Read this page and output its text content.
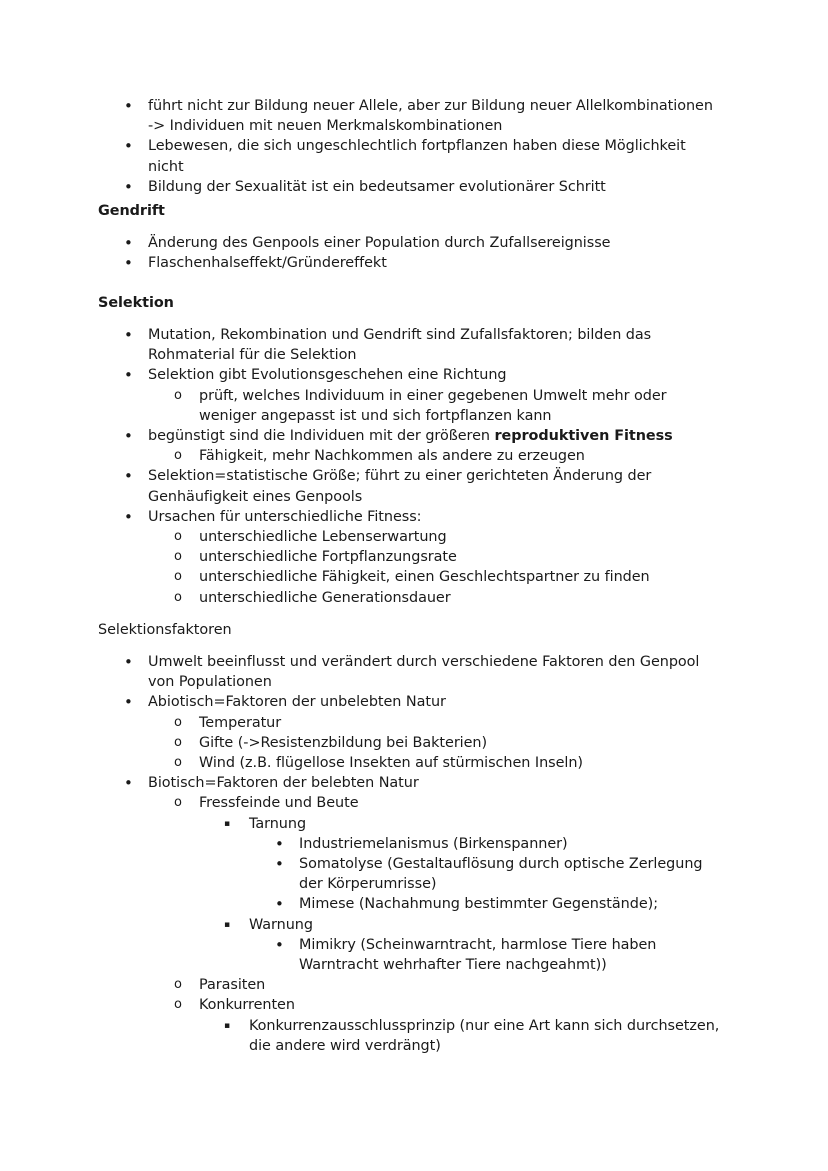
• führt nicht zur Bildung neuer Allele, aber zur Bildung neuer Allelkombinationen
-> Individuen mit neuen Merkmalskombinationen
• Lebewesen, die sich ungeschlechtlich fortpflanzen haben diese Möglichkeit
nicht
• Bildung der Sexualität ist ein bedeutsamer evolutionärer Schritt
Gendrift
• Änderung des Genpools einer Population durch Zufallsereignisse
• Flaschenhalseffekt/Gründereffekt
Selektion
• Mutation, Rekombination und Gendrift sind Zufallsfaktoren; bilden das
Rohmaterial für die Selektion
• Selektion gibt Evolutionsgeschehen eine Richtung
o prüft, welches Individuum in einer gegebenen Umwelt mehr oder
weniger angepasst ist und sich fortpflanzen kann
• begünstigt sind die Individuen mit der größeren reproduktiven Fitness
o Fähigkeit, mehr Nachkommen als andere zu erzeugen
• Selektion=statistische Größe; führt zu einer gerichteten Änderung der
Genhäufigkeit eines Genpools
• Ursachen für unterschiedliche Fitness:
o unterschiedliche Lebenserwartung
o unterschiedliche Fortpflanzungsrate
o unterschiedliche Fähigkeit, einen Geschlechtspartner zu finden
o unterschiedliche Generationsdauer
Selektionsfaktoren
• Umwelt beeinflusst und verändert durch verschiedene Faktoren den Genpool
von Populationen
• Abiotisch=Faktoren der unbelebten Natur
o Temperatur
o Gifte (->Resistenzbildung bei Bakterien)
o Wind (z.B. flügellose Insekten auf stürmischen Inseln)
• Biotisch=Faktoren der belebten Natur
o Fressfeinde und Beute
▪ Tarnung
• Industriemelanismus (Birkenspanner)
• Somatolyse (Gestaltauflösung durch optische Zerlegung
der Körperumrisse)
• Mimese (Nachahmung bestimmter Gegenstände);
▪ Warnung
• Mimikry (Scheinwarntracht, harmlose Tiere haben
Warntracht wehrhafter Tiere nachgeahmt))
o Parasiten
o Konkurrenten
▪ Konkurrenzausschlussprinzip (nur eine Art kann sich durchsetzen,
die andere wird verdrängt)
